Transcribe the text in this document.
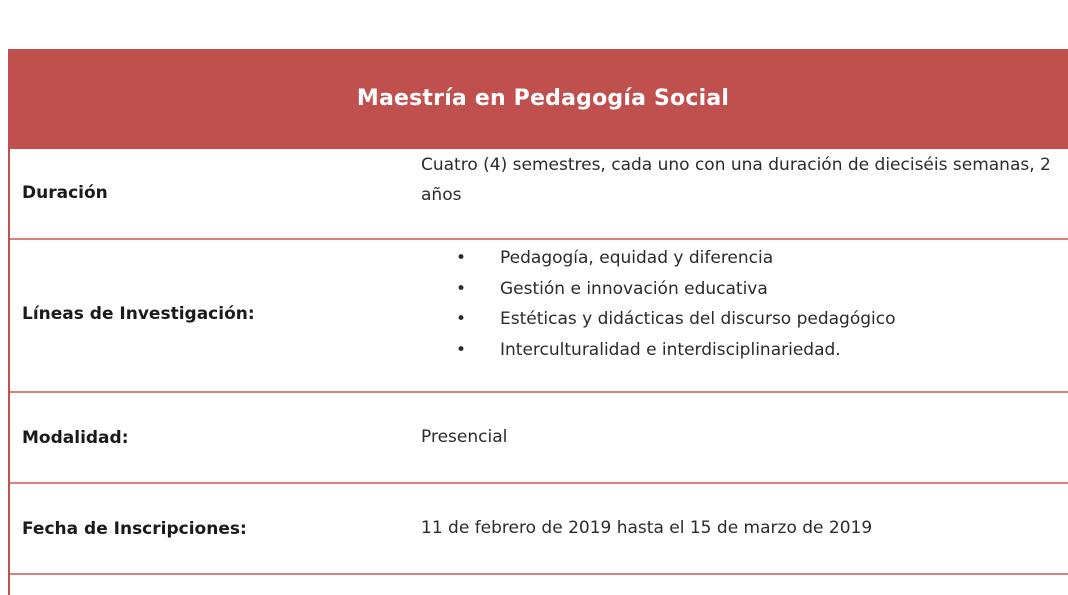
Maestría en Pedagogía Social
Duración
Cuatro (4) semestres, cada uno con una duración de dieciséis semanas, 2 años
Líneas de Investigación:
• Pedagogía, equidad y diferencia
• Gestión e innovación educativa
• Estéticas y didácticas del discurso pedagógico
• Interculturalidad e interdisciplinariedad.
Modalidad:	Presencial
Fecha de Inscripciones:	11 de febrero de 2019 hasta el 15 de marzo de 2019
